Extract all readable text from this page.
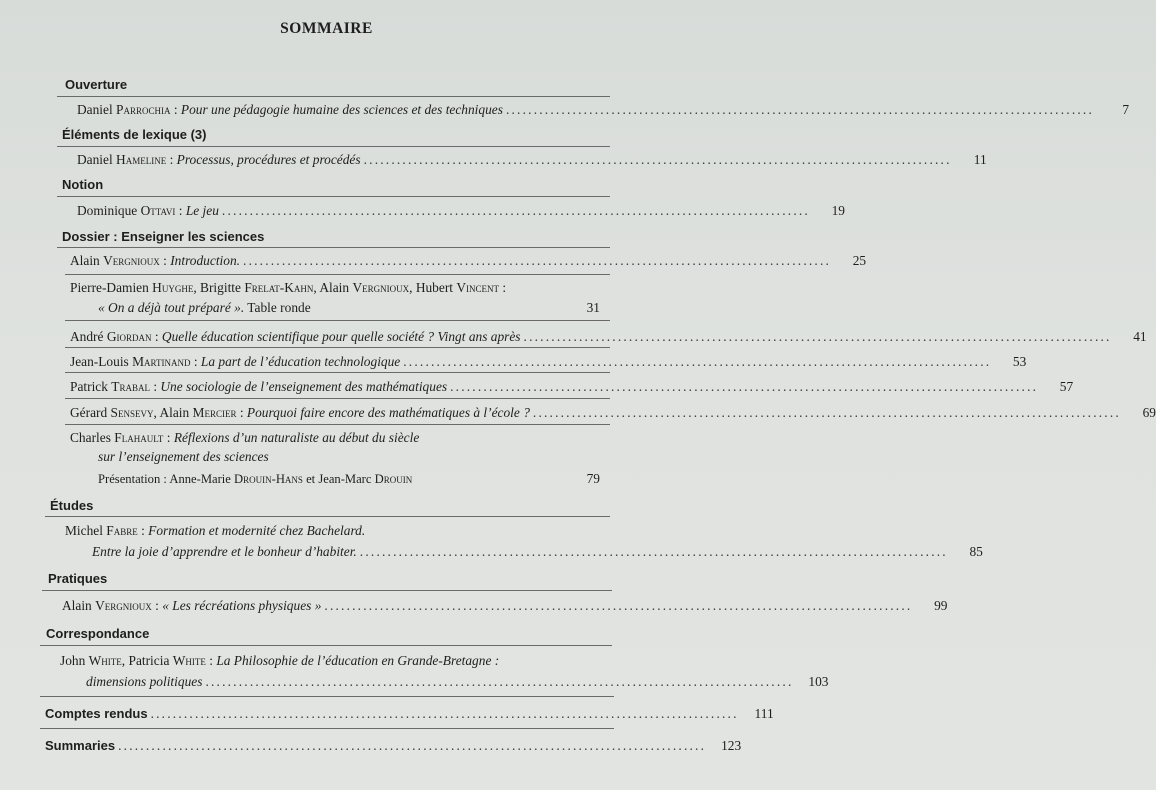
SOMMAIRE
Ouverture
Daniel Parrochia : Pour une pédagogie humaine des sciences et des techniques ..........................................................................................................	7
Éléments de lexique (3)
Daniel Hameline : Processus, procédures et procédés ..........................................................................................................	11
Notion
Dominique Ottavi : Le jeu ..........................................................................................................	19
Dossier : Enseigner les sciences
Alain Vergnioux : Introduction. ..........................................................................................................	25
Pierre-Damien Huyghe, Brigitte Frelat-Kahn, Alain Vergnioux, Hubert Vincent :
« On a déjà tout préparé ». Table ronde	31
André Giordan : Quelle éducation scientifique pour quelle société ? Vingt ans après ..........................................................................................................	41
Jean-Louis Martinand : La part de l’éducation technologique ..........................................................................................................	53
Patrick Trabal : Une sociologie de l’enseignement des mathématiques ..........................................................................................................	57
Gérard Sensevy, Alain Mercier : Pourquoi faire encore des mathématiques à l’école ? ..........................................................................................................	69
Charles Flahault : Réflexions d’un naturaliste au début du siècle
sur l’enseignement des sciences
Présentation : Anne-Marie Drouin-Hans et Jean-Marc Drouin	79
Études
Michel Fabre : Formation et modernité chez Bachelard.
Entre la joie d’apprendre et le bonheur d’habiter. ..........................................................................................................	85
Pratiques
Alain Vergnioux : « Les récréations physiques » ..........................................................................................................	99
Correspondance
John White, Patricia White : La Philosophie de l’éducation en Grande-Bretagne :
dimensions politiques ..........................................................................................................	103
Comptes rendus ..........................................................................................................	111
Summaries ..........................................................................................................	123
